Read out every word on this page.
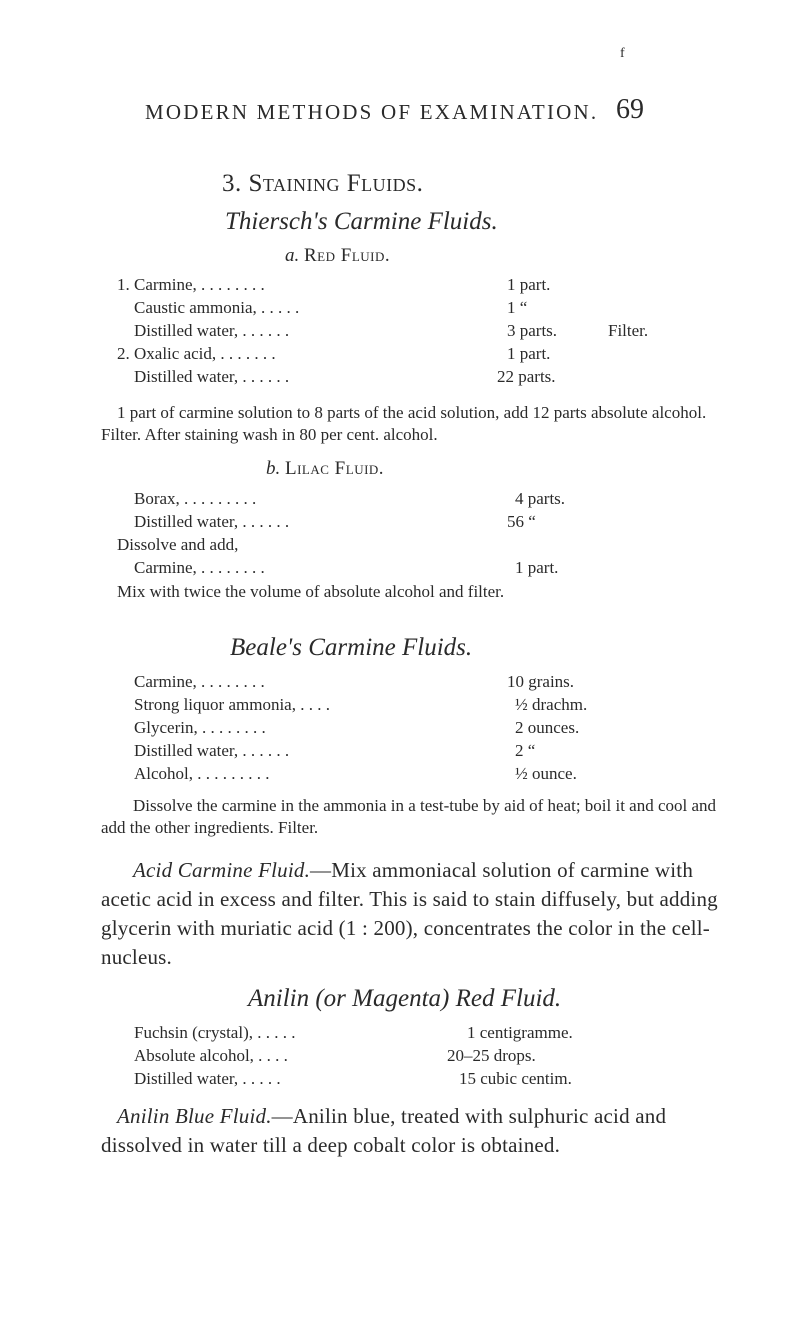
f
MODERN METHODS OF EXAMINATION. 69
3. Staining Fluids.
Thiersch's Carmine Fluids.
a. Red Fluid.
1. Carmine, . . . . . . . .	1 part.
Caustic ammonia, . . . . .	1 “
Distilled water, . . . . . .	3 parts.	Filter.
2. Oxalic acid, . . . . . . .	1 part.
Distilled water, . . . . . .	22 parts.
1 part of carmine solution to 8 parts of the acid solution, add 12 parts absolute alcohol. Filter. After staining wash in 80 per cent. alcohol.
b. Lilac Fluid.
Borax, . . . . . . . . .	4 parts.
Distilled water, . . . . . .	56 “
Dissolve and add,
Carmine, . . . . . . . .	1 part.
Mix with twice the volume of absolute alcohol and filter.
Beale's Carmine Fluids.
Carmine, . . . . . . . .	10 grains.
Strong liquor ammonia, . . . .	½ drachm.
Glycerin, . . . . . . . .	2 ounces.
Distilled water, . . . . . .	2 “
Alcohol, . . . . . . . . .	½ ounce.
Dissolve the carmine in the ammonia in a test-tube by aid of heat; boil it and cool and add the other ingredients. Filter.
Acid Carmine Fluid.—Mix ammoniacal solution of carmine with acetic acid in excess and filter. This is said to stain diffusely, but adding glycerin with muriatic acid (1 : 200), concentrates the color in the cell-nucleus.
Anilin (or Magenta) Red Fluid.
Fuchsin (crystal), . . . . .	1 centigramme.
Absolute alcohol, . . . .	20–25 drops.
Distilled water, . . . . .	15 cubic centim.
Anilin Blue Fluid.—Anilin blue, treated with sulphuric acid and dissolved in water till a deep cobalt color is obtained.
